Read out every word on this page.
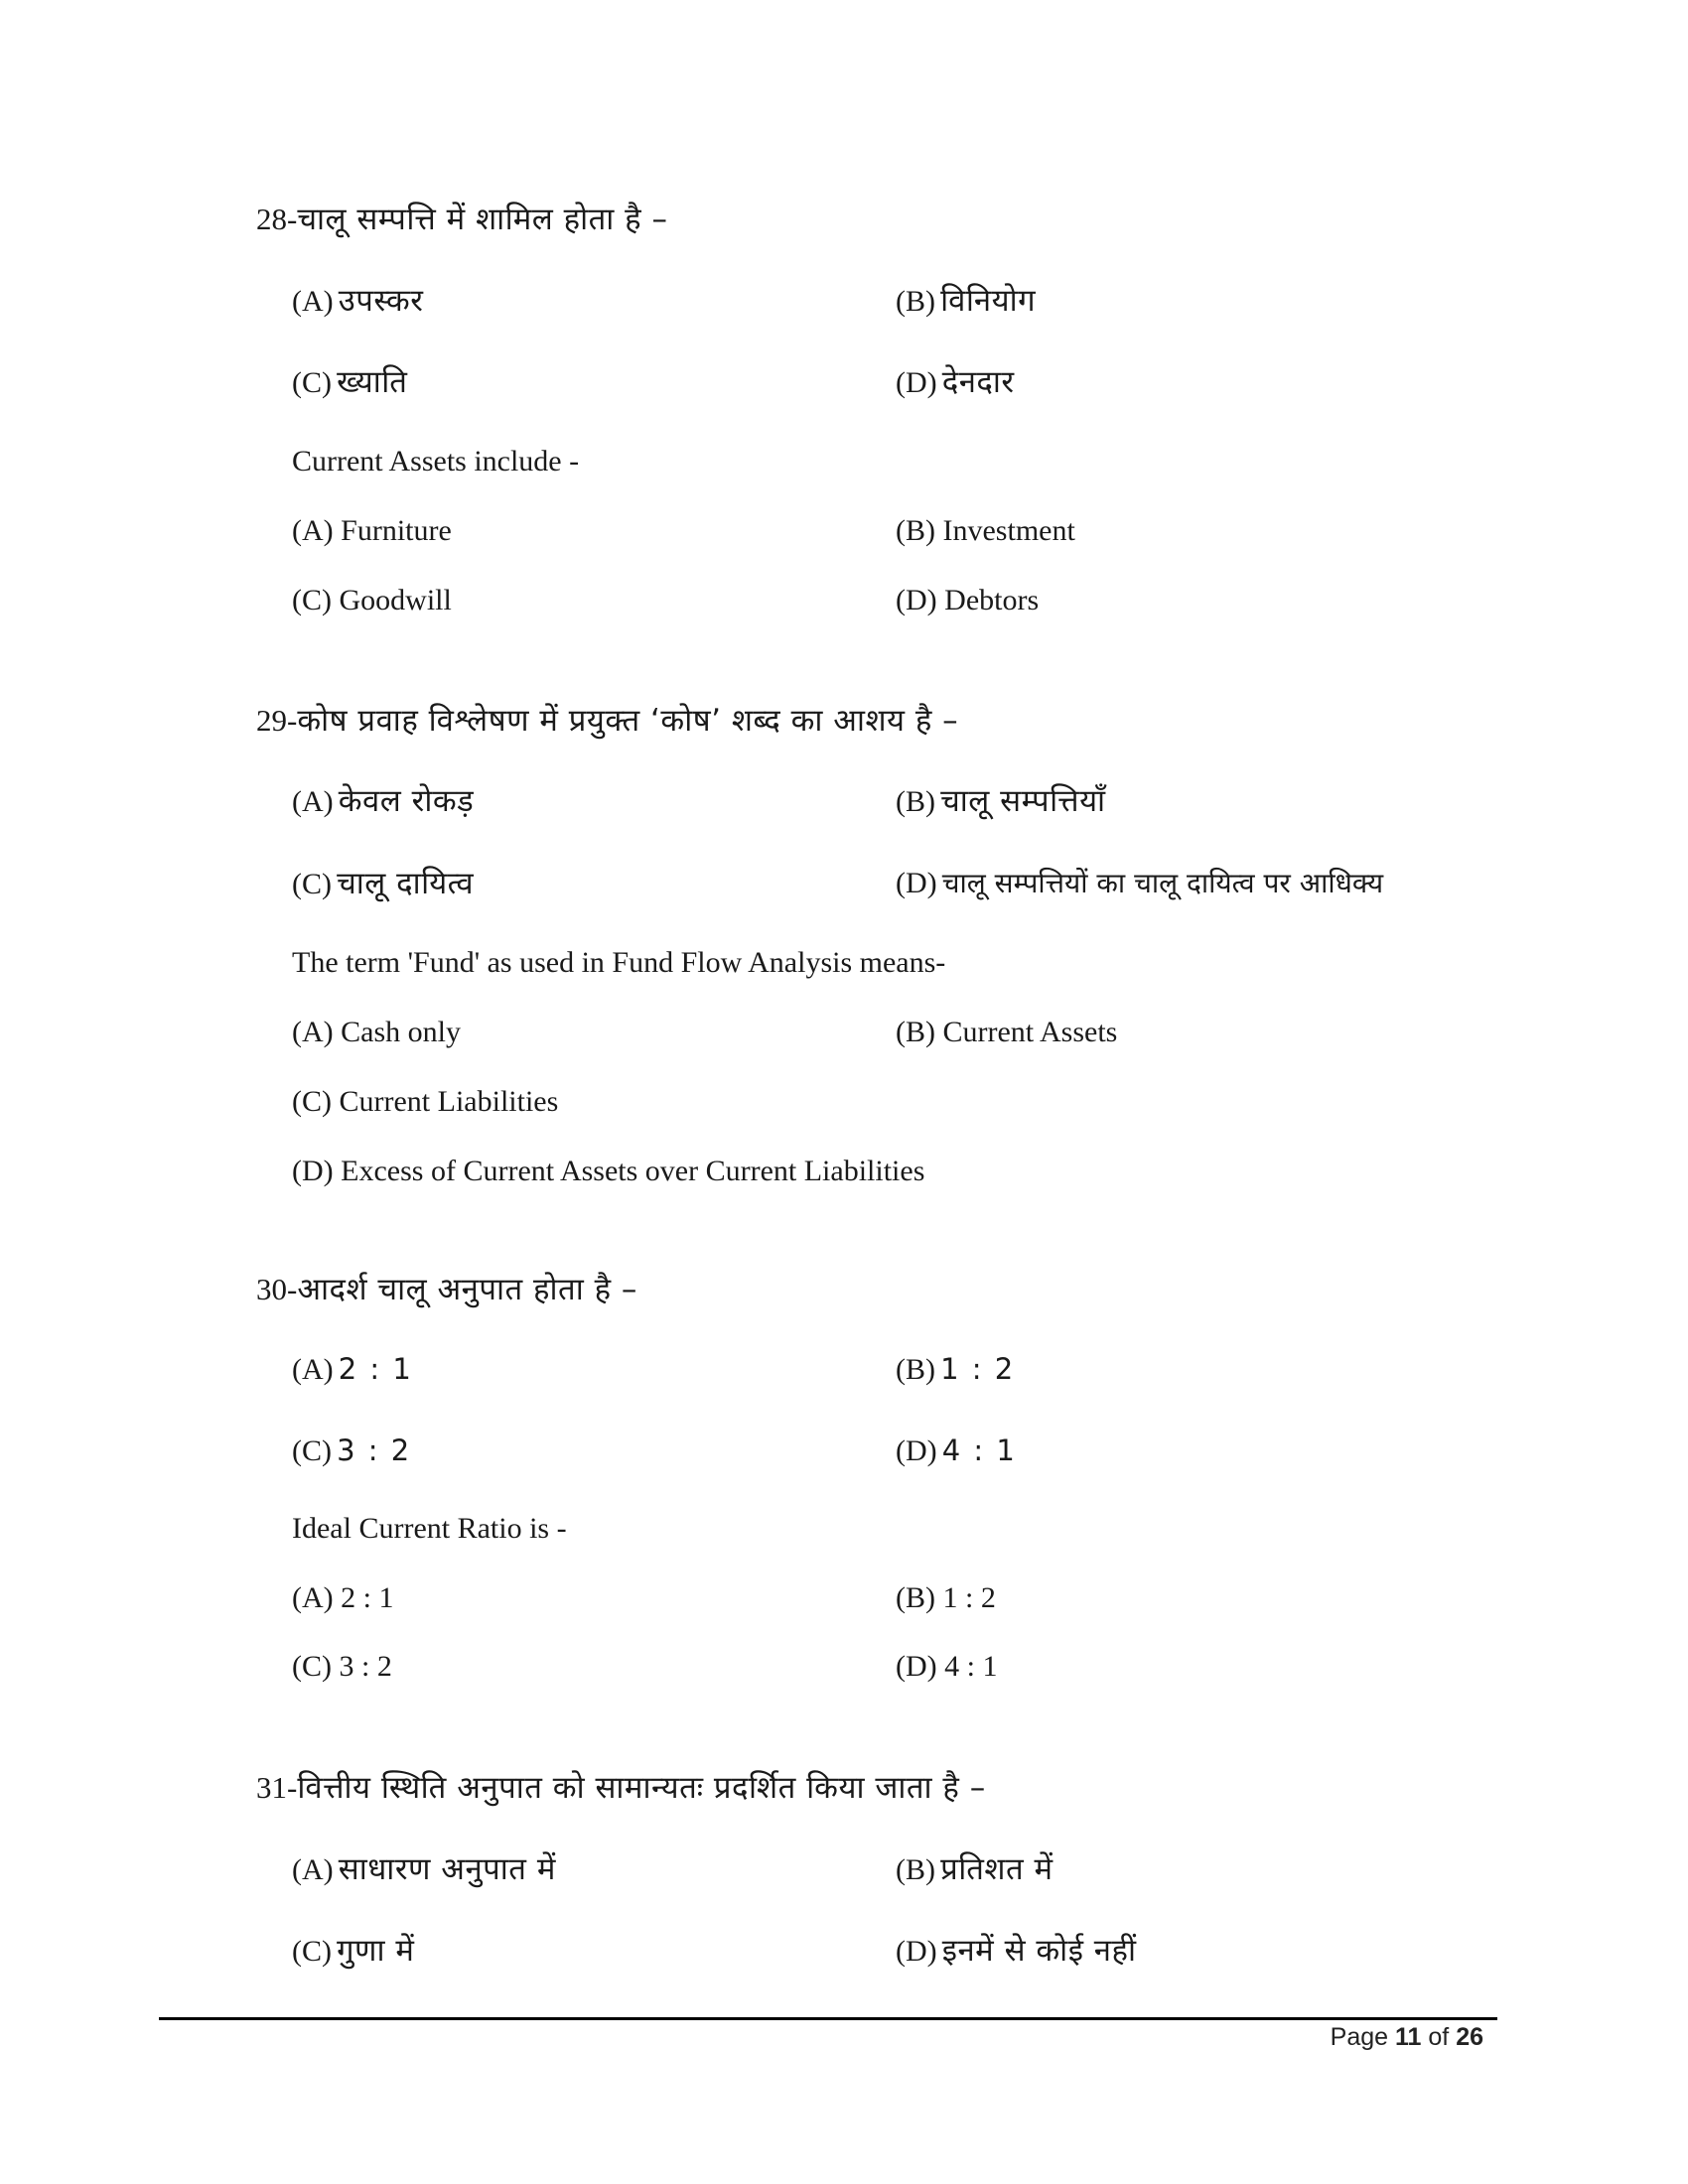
28-चालू सम्पत्ति में शामिल होता है –
(A) उपस्कर	(B) विनियोग
(C) ख्याति	(D) देनदार
Current Assets include -
(A) Furniture	(B) Investment
(C) Goodwill	(D) Debtors
29-कोष प्रवाह विश्लेषण में प्रयुक्त ‘कोष’ शब्द का आशय है –
(A) केवल रोकड़	(B) चालू सम्पत्तियाँ
(C) चालू दायित्व	(D) चालू सम्पत्तियों का चालू दायित्व पर आधिक्य
The term 'Fund' as used in Fund Flow Analysis means-
(A) Cash only	(B) Current Assets
(C) Current Liabilities
(D) Excess of Current Assets over Current Liabilities
30-आदर्श चालू अनुपात होता है –
(A) 2 : 1	(B) 1 : 2
(C) 3 : 2	(D) 4 : 1
Ideal Current Ratio is -
(A) 2 : 1	(B) 1 : 2
(C) 3 : 2	(D) 4 : 1
31-वित्तीय स्थिति अनुपात को सामान्यतः प्रदर्शित किया जाता है –
(A) साधारण अनुपात में	(B) प्रतिशत में
(C) गुणा में	(D) इनमें से कोई नहीं
Page 11 of 26
